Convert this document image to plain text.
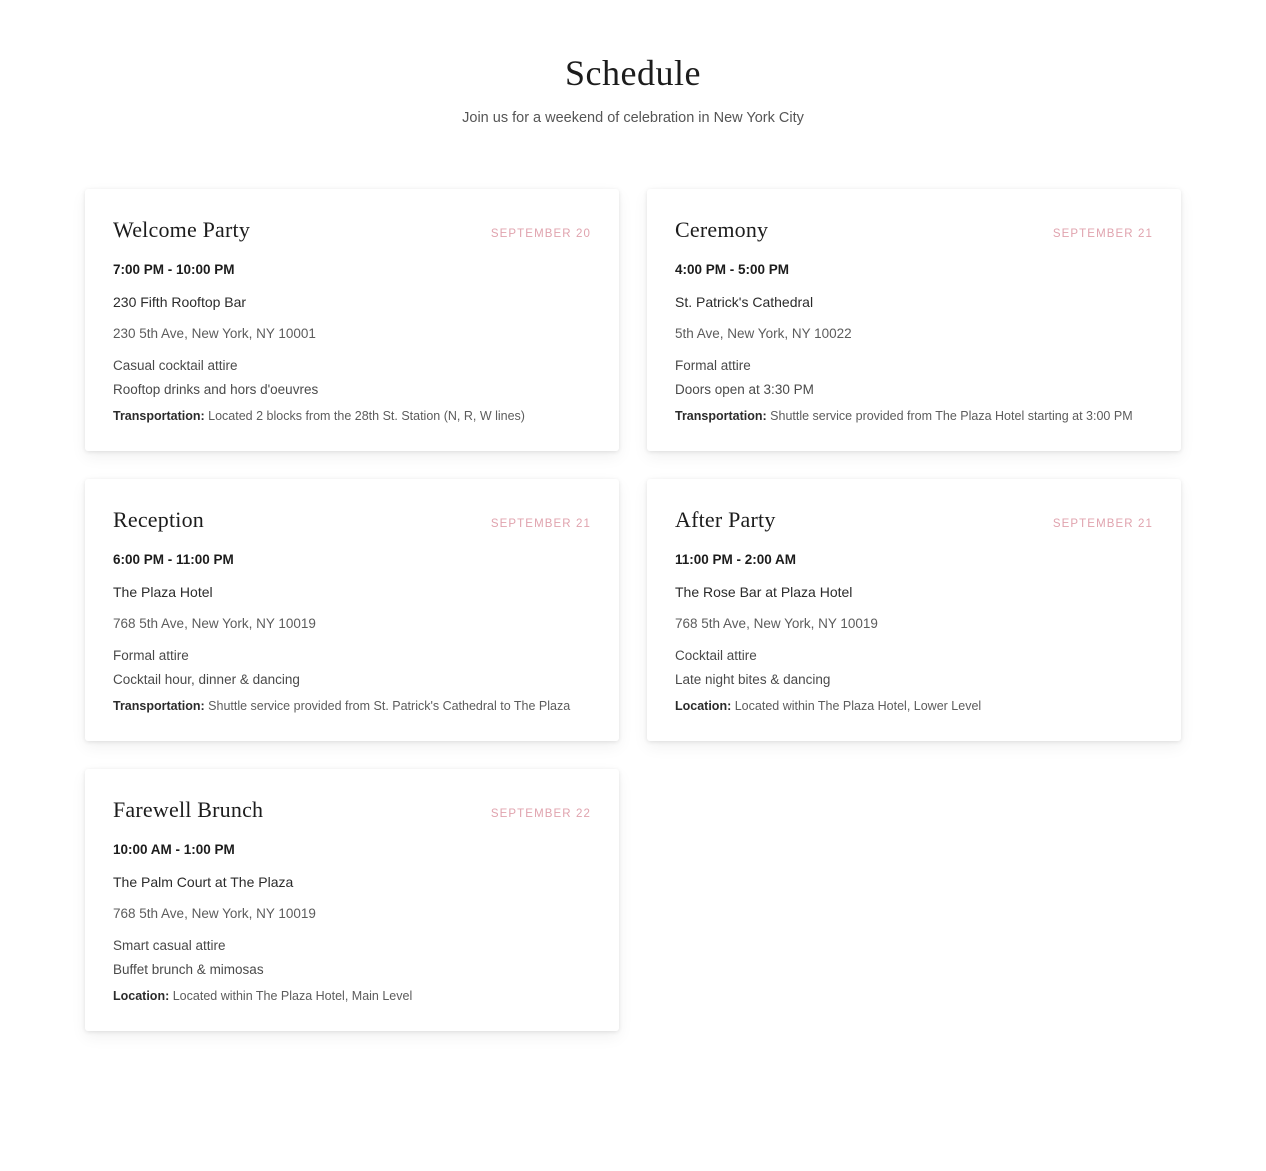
Schedule

Join us for a weekend of celebration in New York City

Welcome Party	SEPTEMBER 20
7:00 PM - 10:00 PM
230 Fifth Rooftop Bar
230 5th Ave, New York, NY 10001
Casual cocktail attire
Rooftop drinks and hors d'oeuvres
Transportation: Located 2 blocks from the 28th St. Station (N, R, W lines)
Ceremony	SEPTEMBER 21
4:00 PM - 5:00 PM
St. Patrick's Cathedral
5th Ave, New York, NY 10022
Formal attire
Doors open at 3:30 PM
Transportation: Shuttle service provided from The Plaza Hotel starting at 3:00 PM
Reception	SEPTEMBER 21
6:00 PM - 11:00 PM
The Plaza Hotel
768 5th Ave, New York, NY 10019
Formal attire
Cocktail hour, dinner & dancing
Transportation: Shuttle service provided from St. Patrick's Cathedral to The Plaza
After Party	SEPTEMBER 21
11:00 PM - 2:00 AM
The Rose Bar at Plaza Hotel
768 5th Ave, New York, NY 10019
Cocktail attire
Late night bites & dancing
Location: Located within The Plaza Hotel, Lower Level
Farewell Brunch	SEPTEMBER 22
10:00 AM - 1:00 PM
The Palm Court at The Plaza
768 5th Ave, New York, NY 10019
Smart casual attire
Buffet brunch & mimosas
Location: Located within The Plaza Hotel, Main Level
